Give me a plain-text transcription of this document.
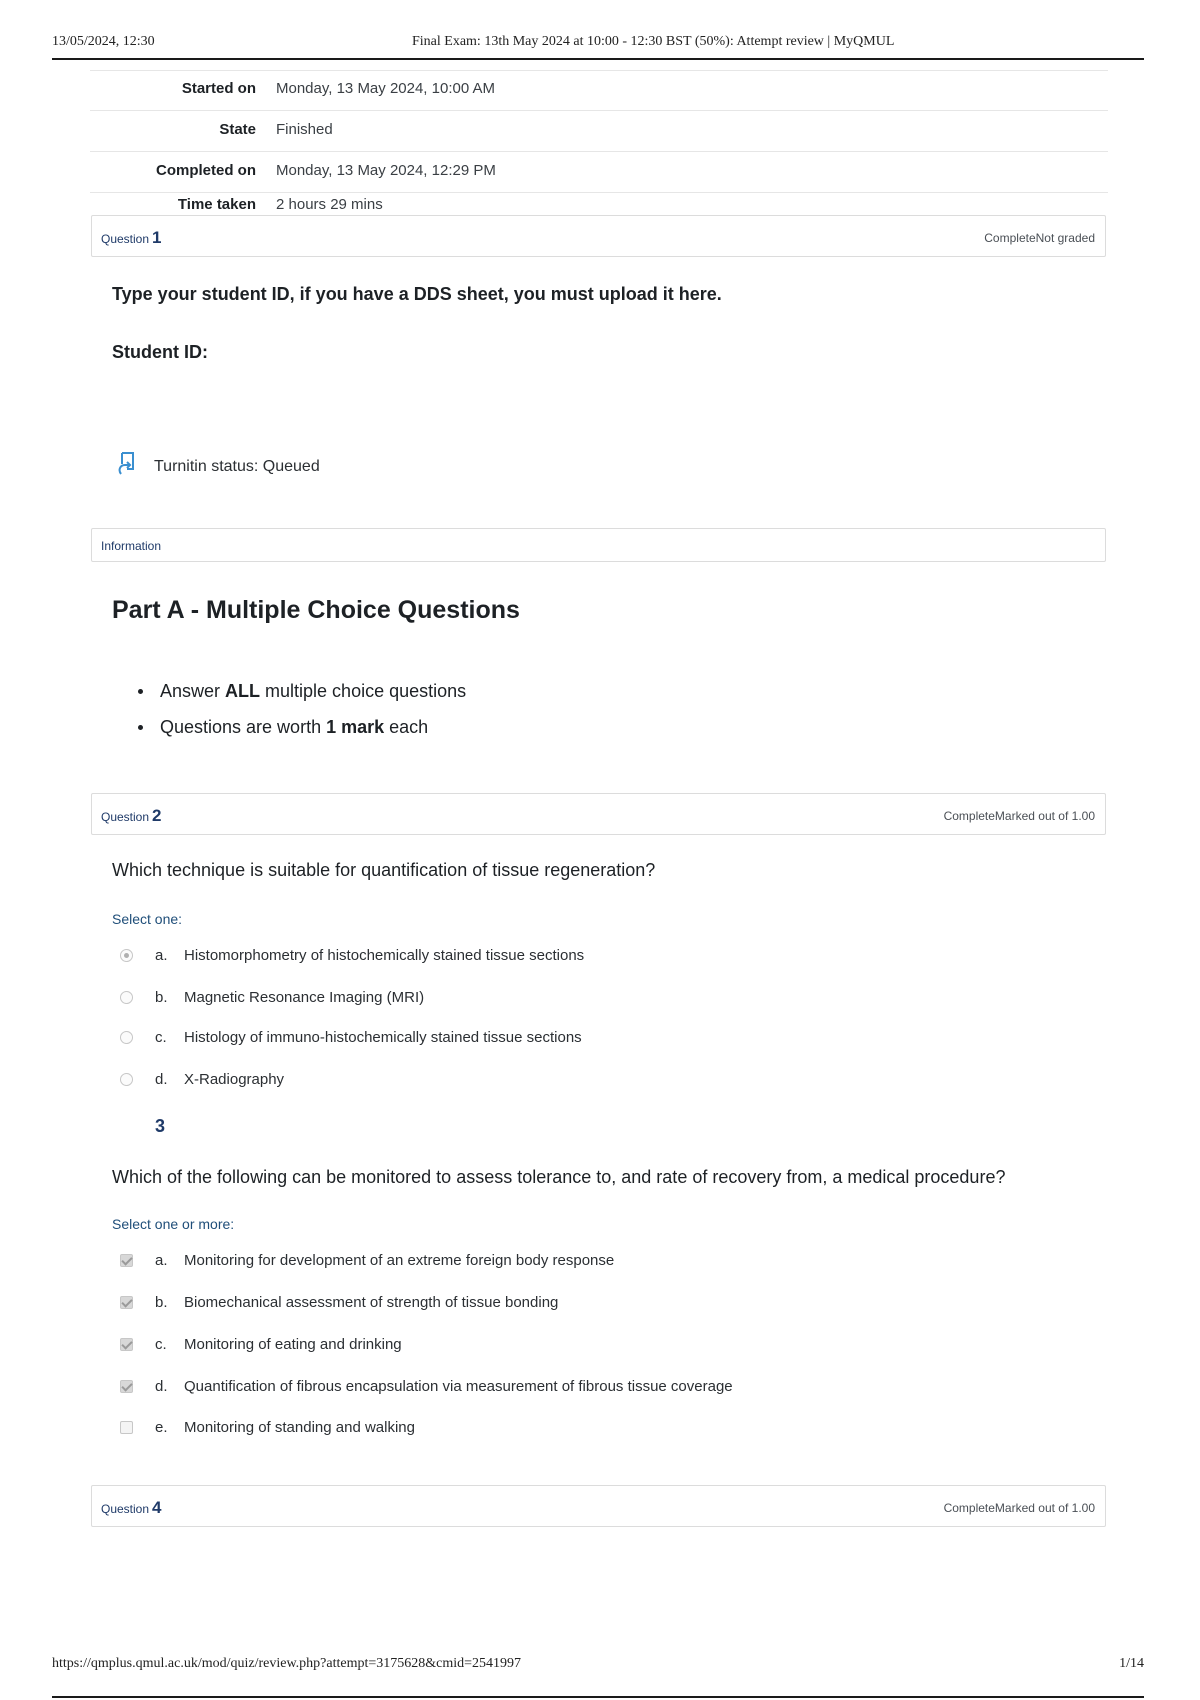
13/05/2024, 12:30	Final Exam: 13th May 2024 at 10:00 - 12:30 BST (50%): Attempt review | MyQMUL
Started on Monday, 13 May 2024, 10:00 AM
State Finished
Completed on Monday, 13 May 2024, 12:29 PM
Time taken 2 hours 29 mins
Question 1	CompleteNot graded
Type your student ID, if you have a DDS sheet, you must upload it here.
Student ID:
Turnitin status: Queued
Information
Part A - Multiple Choice Questions
Answer ALL multiple choice questions
Questions are worth 1 mark each
Question 2	CompleteMarked out of 1.00
Which technique is suitable for quantification of tissue regeneration?
Select one:
a. Histomorphometry of histochemically stained tissue sections
b. Magnetic Resonance Imaging (MRI)
c. Histology of immuno-histochemically stained tissue sections
d. X-Radiography
3
Which of the following can be monitored to assess tolerance to, and rate of recovery from, a medical procedure?
Select one or more:
a. Monitoring for development of an extreme foreign body response
b. Biomechanical assessment of strength of tissue bonding
c. Monitoring of eating and drinking
d. Quantification of fibrous encapsulation via measurement of fibrous tissue coverage
e. Monitoring of standing and walking
Question 4	CompleteMarked out of 1.00
https://qmplus.qmul.ac.uk/mod/quiz/review.php?attempt=3175628&cmid=2541997	1/14
